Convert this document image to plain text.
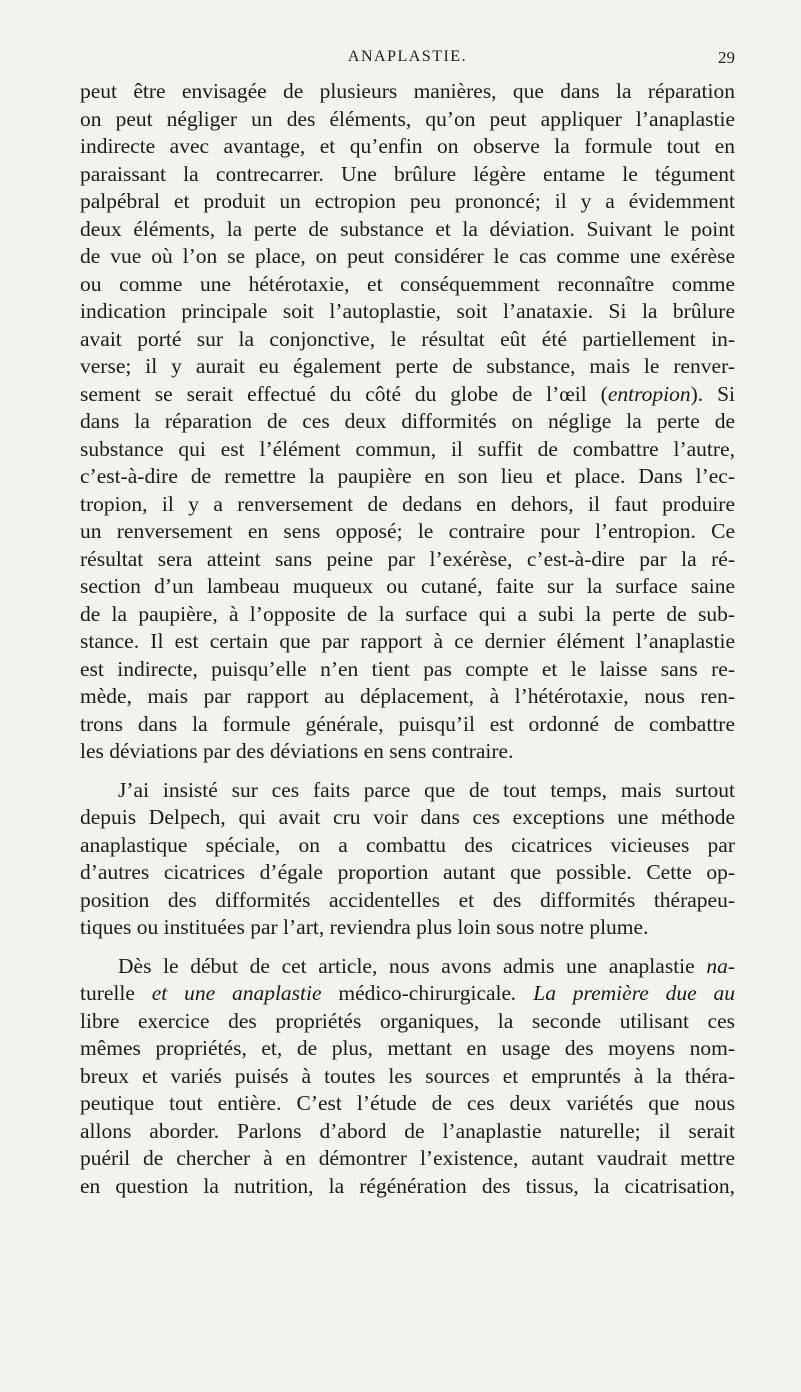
ANAPLASTIE.	29
peut être envisagée de plusieurs manières, que dans la réparation
on peut négliger un des éléments, qu’on peut appliquer l’anaplastie
indirecte avec avantage, et qu’enfin on observe la formule tout en
paraissant la contrecarrer. Une brûlure légère entame le tégument
palpébral et produit un ectropion peu prononcé; il y a évidemment
deux éléments, la perte de substance et la déviation. Suivant le point
de vue où l’on se place, on peut considérer le cas comme une exérèse
ou comme une hétérotaxie, et conséquemment reconnaître comme
indication principale soit l’autoplastie, soit l’anataxie. Si la brûlure
avait porté sur la conjonctive, le résultat eût été partiellement in-
verse; il y aurait eu également perte de substance, mais le renver-
sement se serait effectué du côté du globe de l’œil (entropion). Si
dans la réparation de ces deux difformités on néglige la perte de
substance qui est l’élément commun, il suffit de combattre l’autre,
c’est-à-dire de remettre la paupière en son lieu et place. Dans l’ec-
tropion, il y a renversement de dedans en dehors, il faut produire
un renversement en sens opposé; le contraire pour l’entropion. Ce
résultat sera atteint sans peine par l’exérèse, c’est-à-dire par la ré-
section d’un lambeau muqueux ou cutané, faite sur la surface saine
de la paupière, à l’opposite de la surface qui a subi la perte de sub-
stance. Il est certain que par rapport à ce dernier élément l’anaplastie
est indirecte, puisqu’elle n’en tient pas compte et le laisse sans re-
mède, mais par rapport au déplacement, à l’hétérotaxie, nous ren-
trons dans la formule générale, puisqu’il est ordonné de combattre
les déviations par des déviations en sens contraire.
J’ai insisté sur ces faits parce que de tout temps, mais surtout
depuis Delpech, qui avait cru voir dans ces exceptions une méthode
anaplastique spéciale, on a combattu des cicatrices vicieuses par
d’autres cicatrices d’égale proportion autant que possible. Cette op-
position des difformités accidentelles et des difformités thérapeu-
tiques ou instituées par l’art, reviendra plus loin sous notre plume.
Dès le début de cet article, nous avons admis une anaplastie na-
turelle et une anaplastie médico-chirurgicale. La première due au
libre exercice des propriétés organiques, la seconde utilisant ces
mêmes propriétés, et, de plus, mettant en usage des moyens nom-
breux et variés puisés à toutes les sources et empruntés à la théra-
peutique tout entière. C’est l’étude de ces deux variétés que nous
allons aborder. Parlons d’abord de l’anaplastie naturelle; il serait
puéril de chercher à en démontrer l’existence, autant vaudrait mettre
en question la nutrition, la régénération des tissus, la cicatrisation,
